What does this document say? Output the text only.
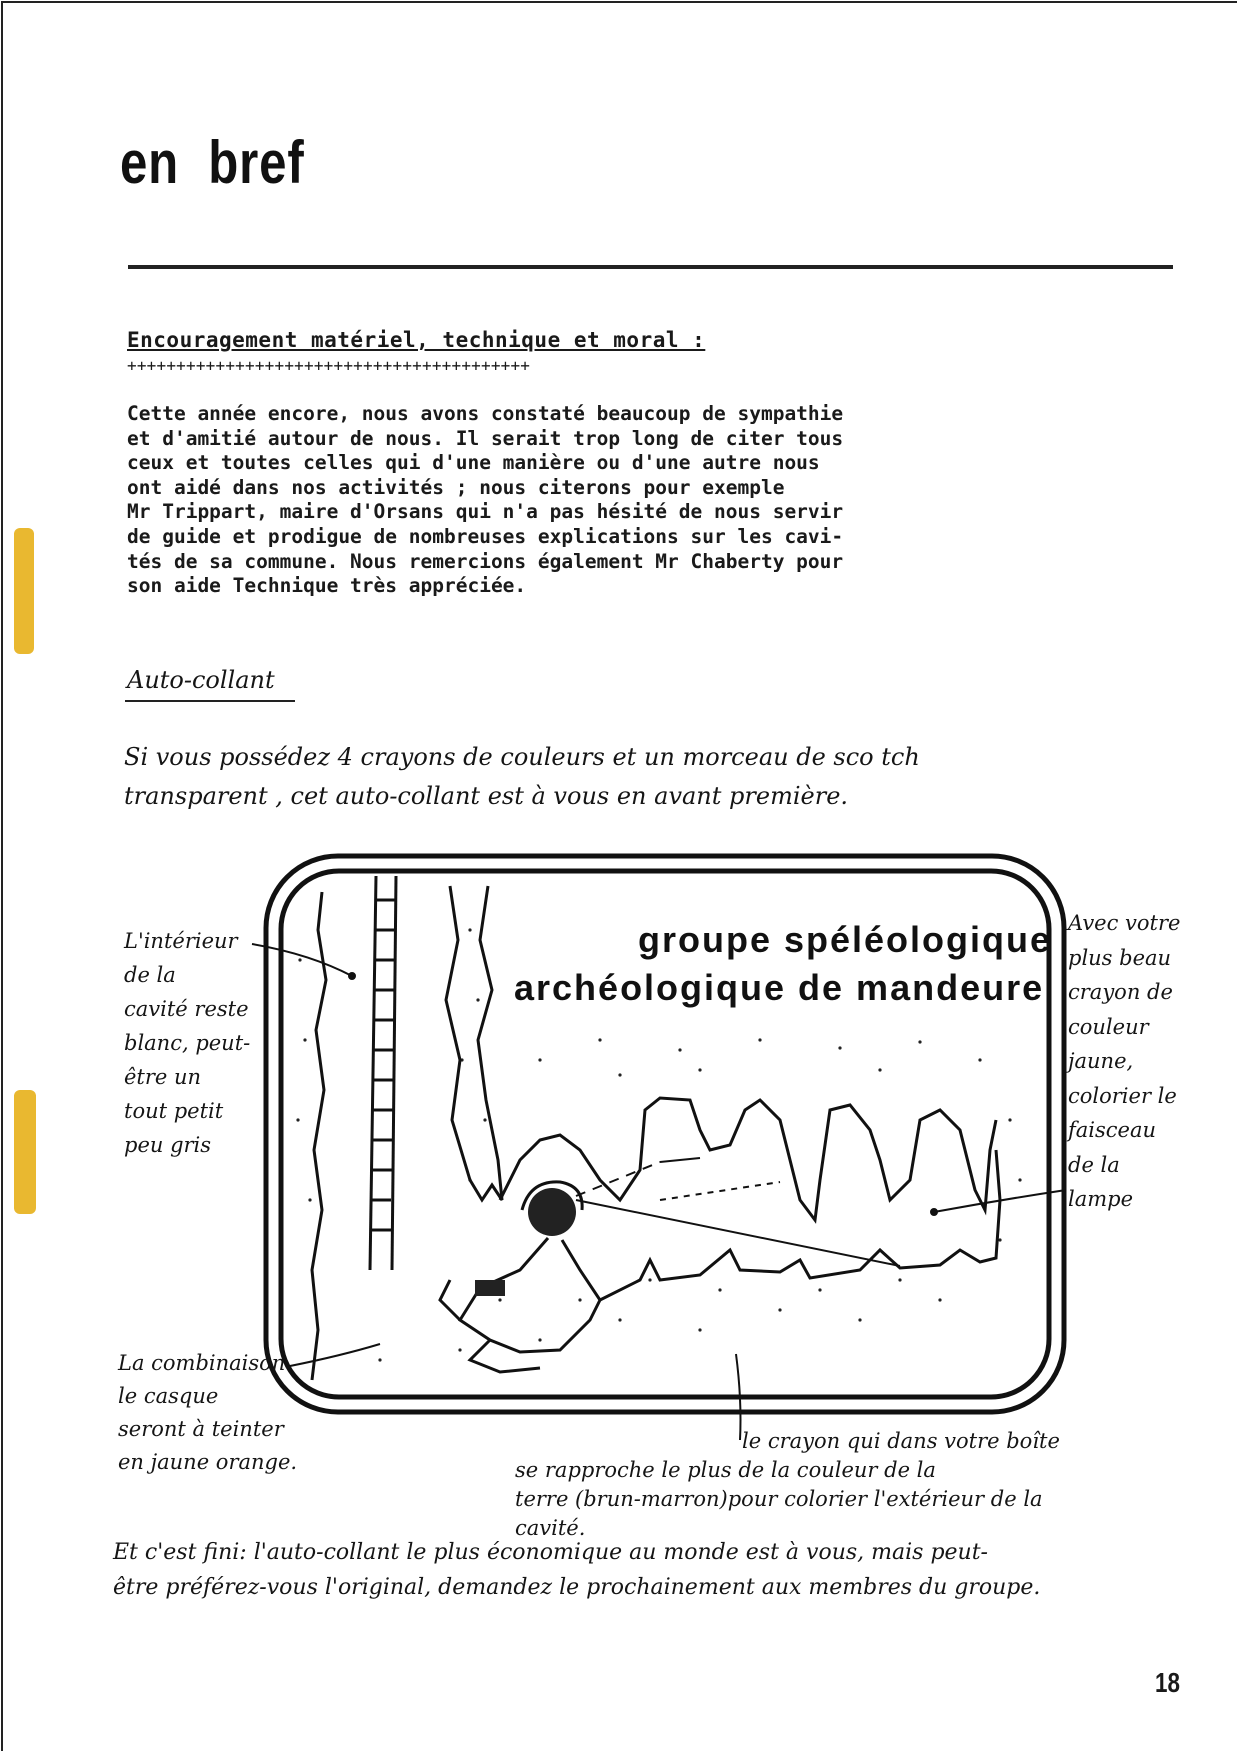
en bref
Encouragement matériel, technique et moral :
+++++++++++++++++++++++++++++++++++++++++
Cette année encore, nous avons constaté beaucoup de sympathie
et d'amitié autour de nous. Il serait trop long de citer tous
ceux et toutes celles qui d'une manière ou d'une autre nous
ont aidé dans nos activités ; nous citerons pour exemple
Mr Trippart, maire d'Orsans qui n'a pas hésité de nous servir
de guide et prodigue de nombreuses explications sur les cavi-
tés de sa commune. Nous remercions également Mr Chaberty pour
son aide Technique très appréciée.
Auto-collant
Si vous possédez 4 crayons de couleurs et un morceau de sco tch
transparent , cet auto-collant est à vous en avant première.
groupe spéléologique
archéologique de mandeure
L'intérieur
de la
cavité reste
blanc, peut-
être un
tout petit
peu gris
Avec votre
plus beau
crayon de
couleur
jaune,
colorier le
faisceau
de la
lampe
La combinaison
le casque
seront à teinter
en jaune orange.
le crayon qui dans votre boîte
se rapproche le plus de la couleur de la
terre (brun-marron)pour colorier l'extérieur de la
cavité.
Et c'est fini: l'auto-collant le plus économique au monde est à vous, mais peut-
être préférez-vous l'original, demandez le prochainement aux membres du groupe.
18
